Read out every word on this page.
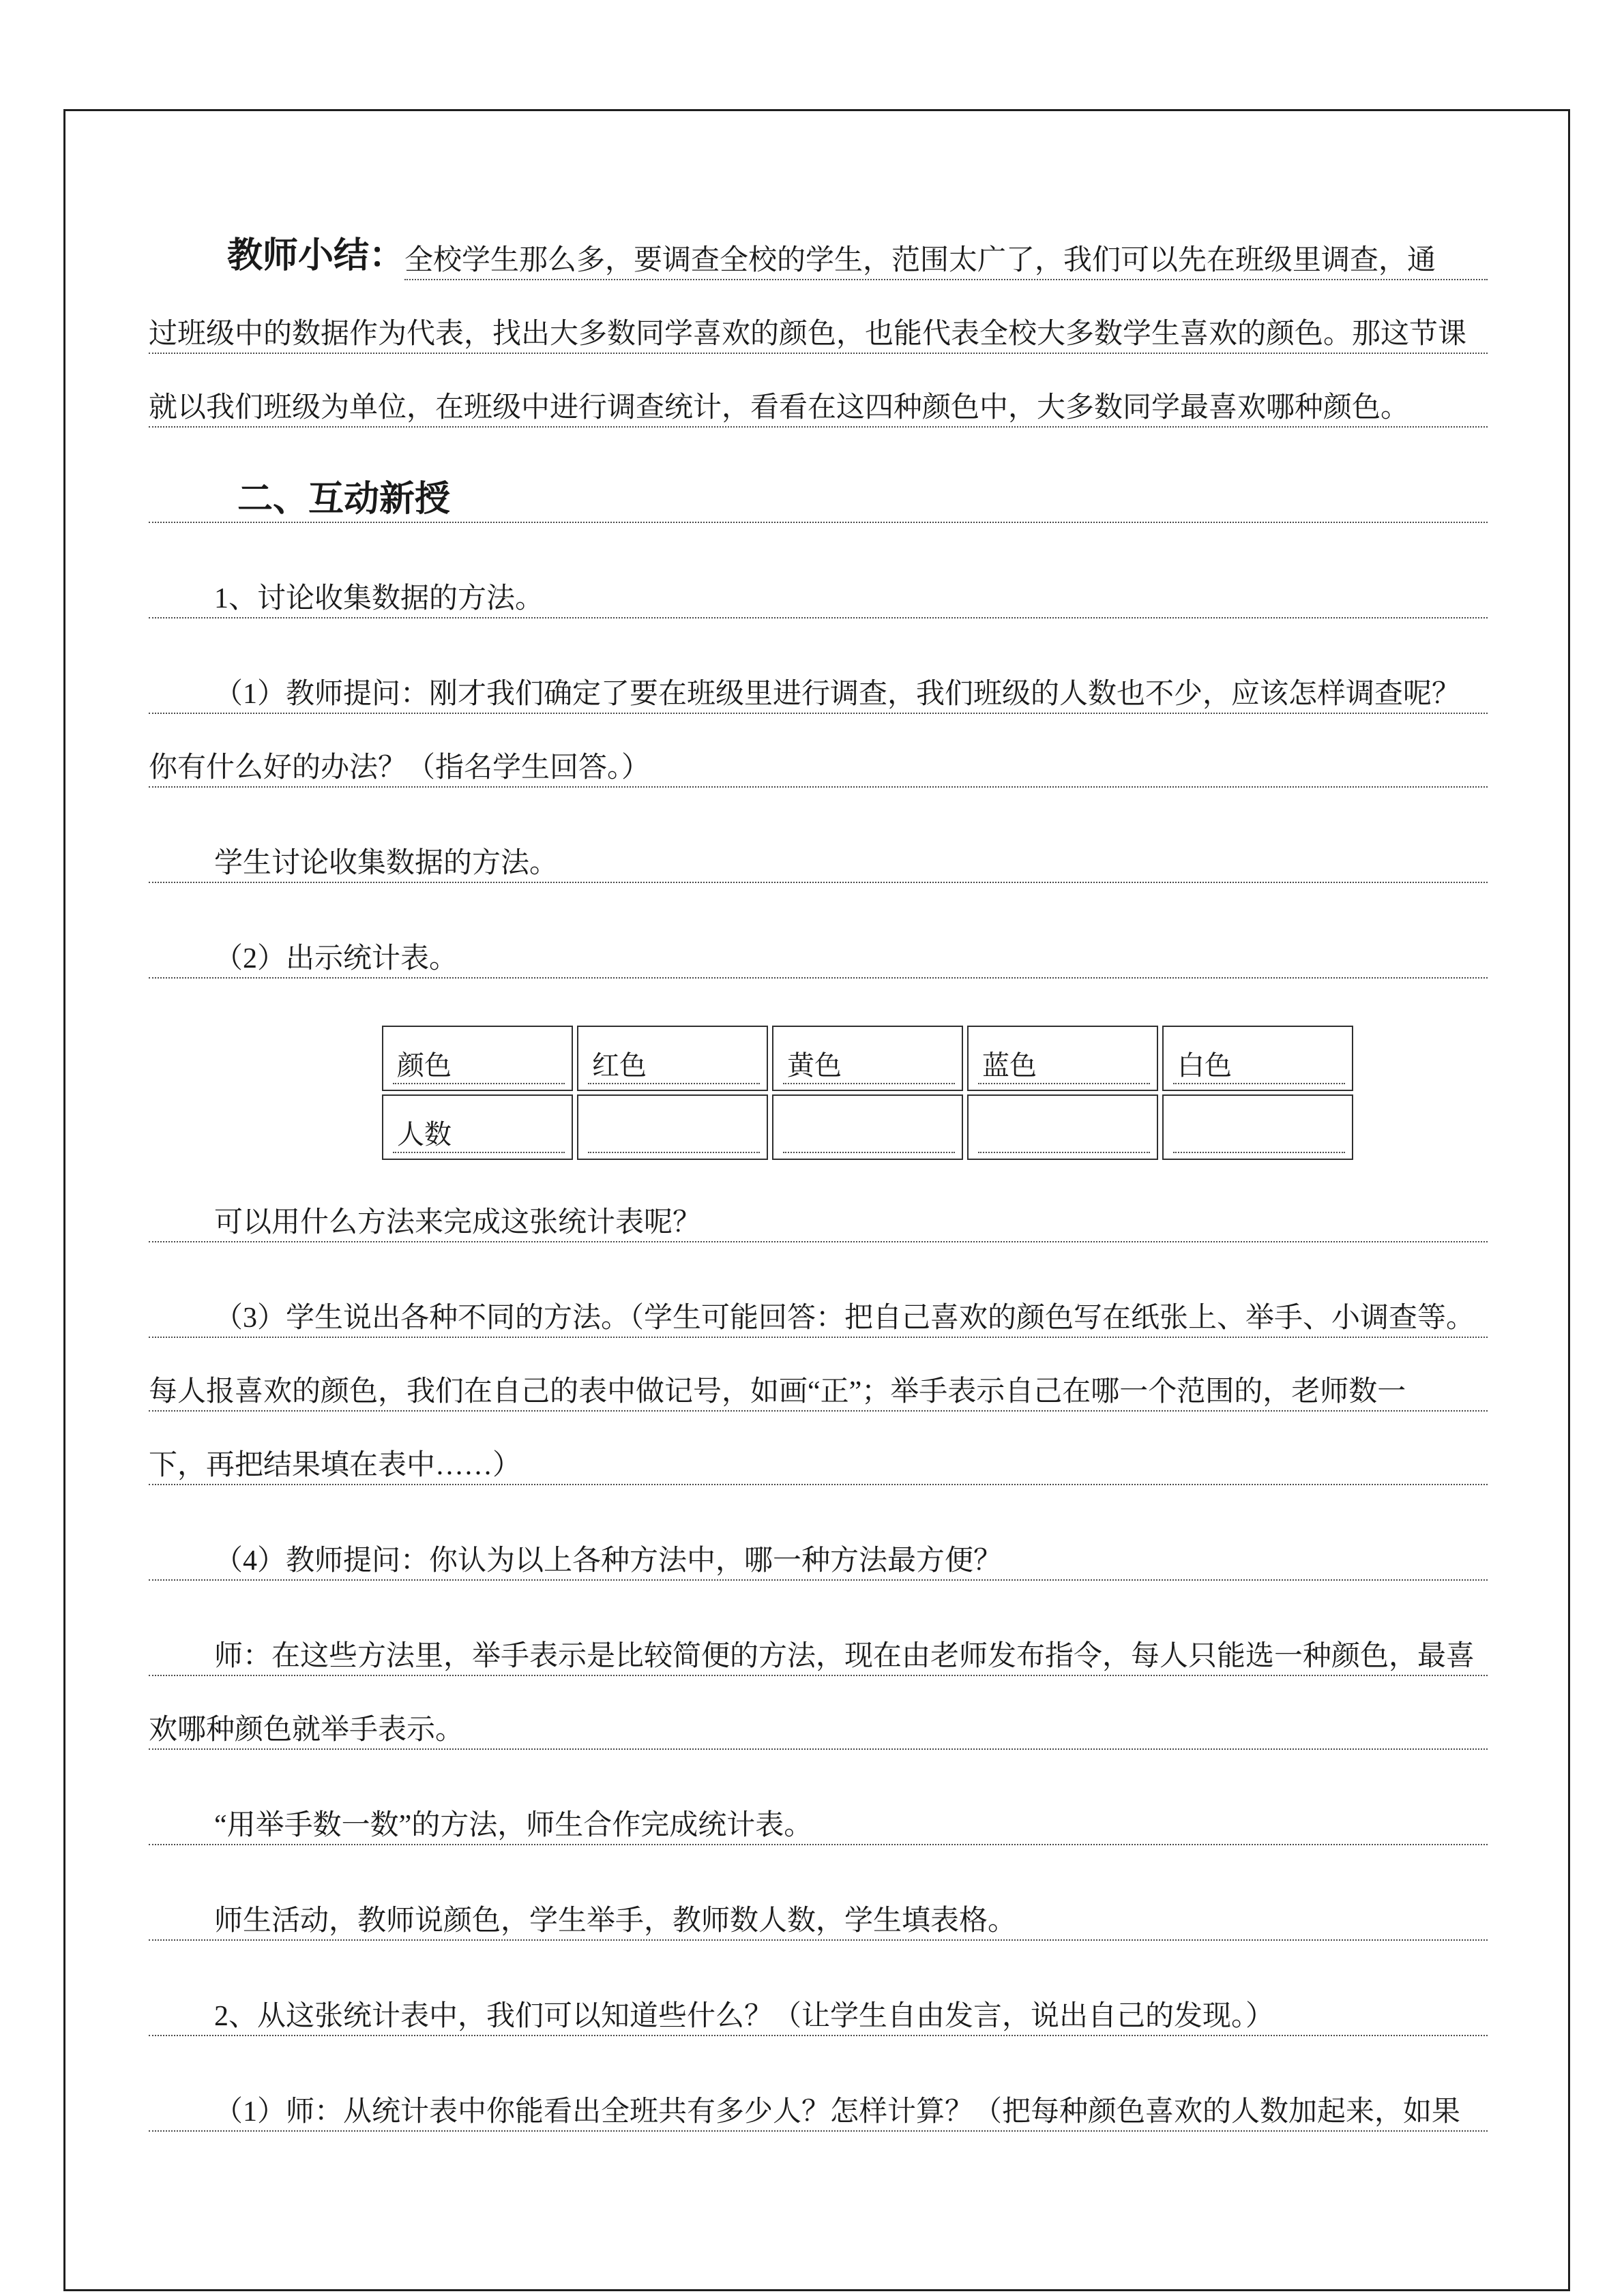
教师小结： 全校学生那么多，要调查全校的学生，范围太广了，我们可以先在班级里调查，通
过班级中的数据作为代表，找出大多数同学喜欢的颜色，也能代表全校大多数学生喜欢的颜色。那这节课
就以我们班级为单位，在班级中进行调查统计，看看在这四种颜色中，大多数同学最喜欢哪种颜色。
二、互动新授
1、讨论收集数据的方法。
（1）教师提问：刚才我们确定了要在班级里进行调查，我们班级的人数也不少，应该怎样调查呢？
你有什么好的办法？（指名学生回答。）
学生讨论收集数据的方法。
（2）出示统计表。
颜色	红色	黄色	蓝色	白色

人数				

可以用什么方法来完成这张统计表呢？
（3）学生说出各种不同的方法。（学生可能回答：把自己喜欢的颜色写在纸张上、举手、小调查等。
每人报喜欢的颜色，我们在自己的表中做记号，如画“正”；举手表示自己在哪一个范围的，老师数一
下，再把结果填在表中……）
（4）教师提问：你认为以上各种方法中，哪一种方法最方便？
师：在这些方法里，举手表示是比较简便的方法，现在由老师发布指令，每人只能选一种颜色，最喜
欢哪种颜色就举手表示。
“用举手数一数”的方法，师生合作完成统计表。
师生活动，教师说颜色，学生举手，教师数人数，学生填表格。
2、从这张统计表中，我们可以知道些什么？（让学生自由发言，说出自己的发现。）
（1）师：从统计表中你能看出全班共有多少人？怎样计算？（把每种颜色喜欢的人数加起来，如果
